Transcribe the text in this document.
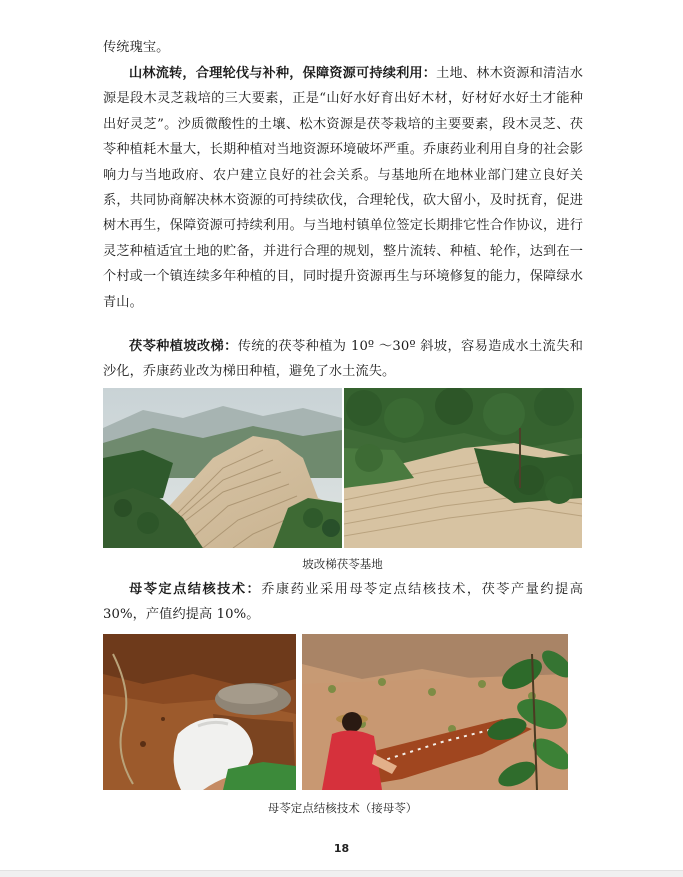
传统瑰宝。

山林流转，合理轮伐与补种，保障资源可持续利用：土地、林木资源和清洁水源是段木灵芝栽培的三大要素，正是“山好水好育出好木材，好材好水好土才能种出好灵芝”。沙质微酸性的土壤、松木资源是茯苓栽培的主要要素，段木灵芝、茯苓种植耗木量大，长期种植对当地资源环境破坏严重。乔康药业利用自身的社会影响力与当地政府、农户建立良好的社会关系。与基地所在地林业部门建立良好关系，共同协商解决林木资源的可持续砍伐，合理轮伐，砍大留小，及时抚育，促进树木再生，保障资源可持续利用。与当地村镇单位签定长期排它性合作协议，进行灵芝种植适宜土地的贮备，并进行合理的规划，整片流转、种植、轮作，达到在一个村或一个镇连续多年种植的目，同时提升资源再生与环境修复的能力，保障绿水青山。

茯苓种植坡改梯：传统的茯苓种植为 10º ～30º 斜坡，容易造成水土流失和沙化，乔康药业改为梯田种植，避免了水土流失。

坡改梯茯苓基地

母苓定点结核技术：乔康药业采用母苓定点结核技术，茯苓产量约提高 30%，产值约提高 10%。

母苓定点结核技术（接母苓）
18
